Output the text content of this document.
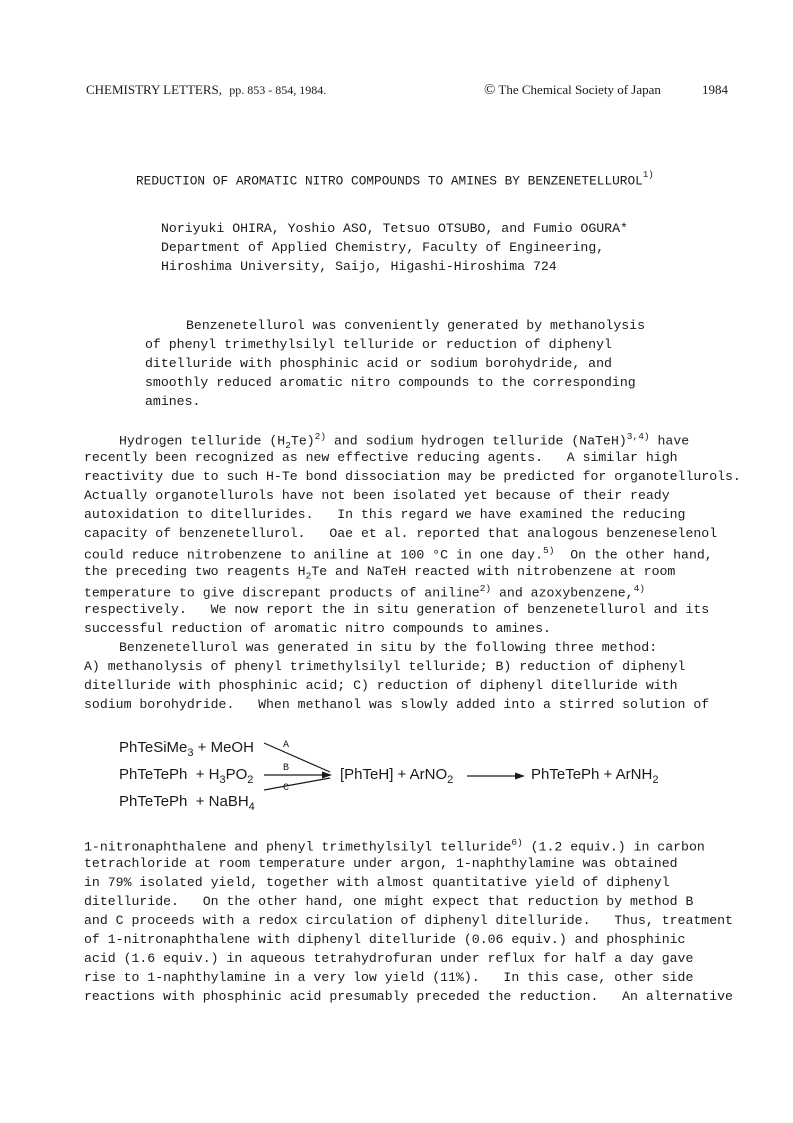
CHEMISTRY LETTERS, pp. 853 - 854, 1984.	© The Chemical Society of Japan	1984
REDUCTION OF AROMATIC NITRO COMPOUNDS TO AMINES BY BENZENETELLUROL$^{1)}$
Noriyuki OHIRA, Yoshio ASO, Tetsuo OTSUBO, and Fumio OGURA*
Department of Applied Chemistry, Faculty of Engineering,
Hiroshima University, Saijo, Higashi-Hiroshima 724
Benzenetellurol was conveniently generated by methanolysis
of phenyl trimethylsilyl telluride or reduction of diphenyl
ditelluride with phosphinic acid or sodium borohydride, and
smoothly reduced aromatic nitro compounds to the corresponding
amines.
Hydrogen telluride $(H_2Te)^{2)}$ and sodium hydrogen telluride (NaTeH)$^{3,4)}$ have
recently been recognized as new effective reducing agents.   A similar high
reactivity due to such H-Te bond dissociation may be predicted for organotellurols.
Actually organotellurols have not been isolated yet because of their ready
autoxidation to ditellurides.   In this regard we have examined the reducing
capacity of benzenetellurol.   Oae et al. reported that analogous benzeneselenol
could reduce nitrobenzene to aniline at 100 °C in one day.$^{5)}$  On the other hand,
the preceding two reagents $H_2Te$ and NaTeH reacted with nitrobenzene at room
temperature to give discrepant products of aniline$^{2)}$ and azoxybenzene,$^{4)}$
respectively.   We now report the in situ generation of benzenetellurol and its
successful reduction of aromatic nitro compounds to amines.
Benzenetellurol was generated in situ by the following three method:
A) methanolysis of phenyl trimethylsilyl telluride; B) reduction of diphenyl
ditelluride with phosphinic acid; C) reduction of diphenyl ditelluride with
sodium borohydride.   When methanol was slowly added into a stirred solution of
PhTeSiMe$_3$ + MeOH
PhTeTePh  + $H_3PO_2$
PhTeTePh  + NaBH$_4$
A
B
C
[PhTeH] + ArNO$_2$ → PhTeTePh + ArNH$_2$
1-nitronaphthalene and phenyl trimethylsilyl telluride$^{6)}$ (1.2 equiv.) in carbon
tetrachloride at room temperature under argon, 1-naphthylamine was obtained
in 79% isolated yield, together with almost quantitative yield of diphenyl
ditelluride.   On the other hand, one might expect that reduction by method B
and C proceeds with a redox circulation of diphenyl ditelluride.   Thus, treatment
of 1-nitronaphthalene with diphenyl ditelluride (0.06 equiv.) and phosphinic
acid (1.6 equiv.) in aqueous tetrahydrofuran under reflux for half a day gave
rise to 1-naphthylamine in a very low yield (11%).   In this case, other side
reactions with phosphinic acid presumably preceded the reduction.   An alternative
